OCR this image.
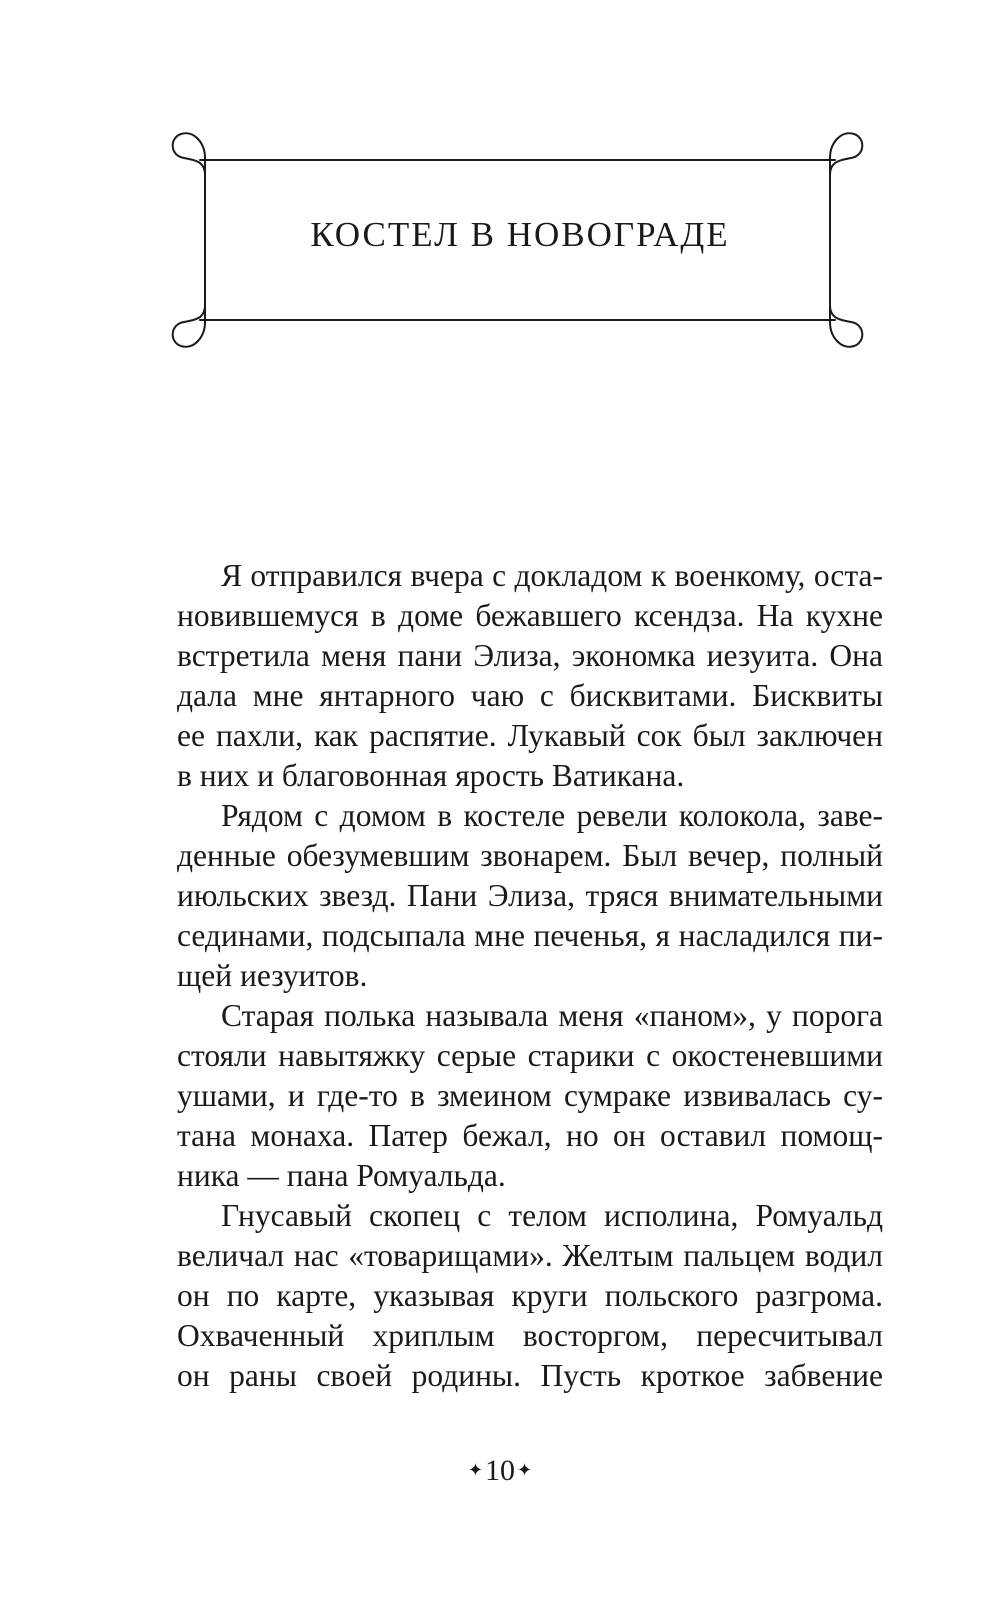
КОСТЕЛ В НОВОГРАДЕ
Я отправился вчера с докладом к военкому, оста-
новившемуся в доме бежавшего ксендза. На кухне
встретила меня пани Элиза, экономка иезуита. Она
дала мне янтарного чаю с бисквитами. Бисквиты
ее пахли, как распятие. Лукавый сок был заключен
в них и благовонная ярость Ватикана.
Рядом с домом в костеле ревели колокола, заве-
денные обезумевшим звонарем. Был вечер, полный
июльских звезд. Пани Элиза, тряся внимательными
сединами, подсыпала мне печенья, я насладился пи-
щей иезуитов.
Старая полька называла меня «паном», у порога
стояли навытяжку серые старики с окостеневшими
ушами, и где-то в змеином сумраке извивалась су-
тана монаха. Патер бежал, но он оставил помощ-
ника — пана Ромуальда.
Гнусавый скопец с телом исполина, Ромуальд
величал нас «товарищами». Желтым пальцем водил
он по карте, указывая круги польского разгрома.
Охваченный хриплым восторгом, пересчитывал
он раны своей родины. Пусть кроткое забвение
✦10 ✦
